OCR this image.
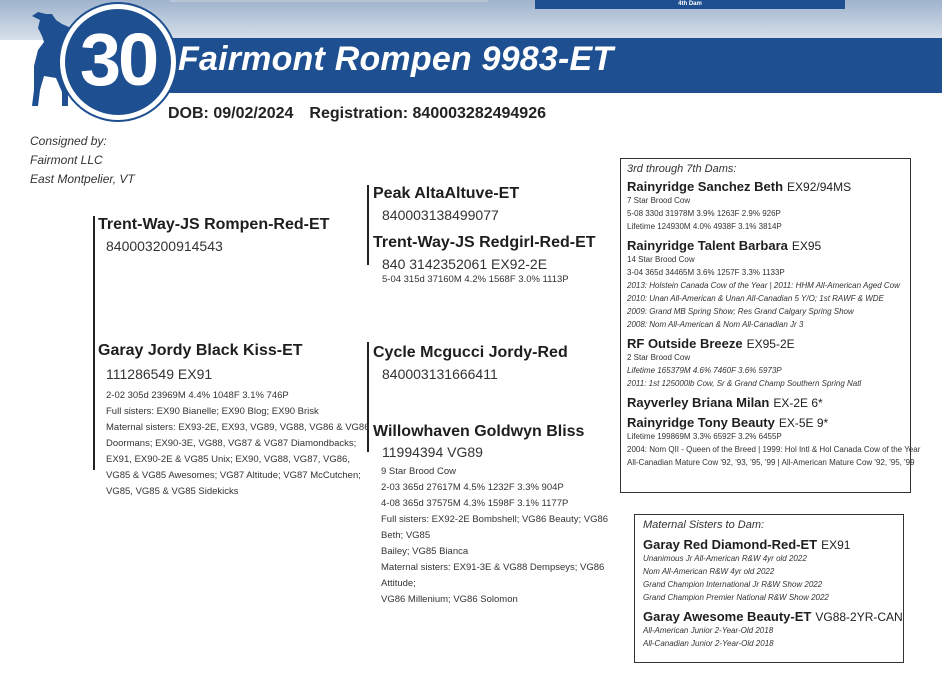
4th Dam
30 Fairmont Rompen 9983-ET
DOB: 09/02/2024 Registration: 840003282494926
Consigned by:
Fairmont LLC
East Montpelier, VT
Trent-Way-JS Rompen-Red-ET
840003200914543
Peak AltaAltuve-ET
840003138499077
Trent-Way-JS Redgirl-Red-ET
840 3142352061 EX92-2E
5-04 315d 37160M 4.2% 1568F 3.0% 1113P
Garay Jordy Black Kiss-ET
111286549 EX91
2-02 305d 23969M 4.4% 1048F 3.1% 746P
Full sisters: EX90 Bianelle; EX90 Blog; EX90 Brisk
Maternal sisters: EX93-2E, EX93, VG89, VG88, VG86 & VG86
Doormans; EX90-3E, VG88, VG87 & VG87 Diamondbacks;
EX91, EX90-2E & VG85 Unix; EX90, VG88, VG87, VG86,
VG85 & VG85 Awesomes; VG87 Altitude; VG87 McCutchen;
VG85, VG85 & VG85 Sidekicks
Cycle Mcgucci Jordy-Red
840003131666411
Willowhaven Goldwyn Bliss
11994394 VG89
9 Star Brood Cow
2-03 365d 27617M 4.5% 1232F 3.3% 904P
4-08 365d 37575M 4.3% 1598F 3.1% 1177P
Full sisters: EX92-2E Bombshell; VG86 Beauty; VG86 Beth; VG85
Bailey; VG85 Bianca
Maternal sisters: EX91-3E & VG88 Dempseys; VG86 Attitude;
VG86 Millenium; VG86 Solomon
3rd through 7th Dams:
Rainyridge Sanchez Beth EX92/94MS
7 Star Brood Cow
5-08 330d 31978M 3.9% 1263F 2.9% 926P
Lifetime 124930M 4.0% 4938F 3.1% 3814P
Rainyridge Talent Barbara EX95
14 Star Brood Cow
3-04 365d 34465M 3.6% 1257F 3.3% 1133P
2013: Holstein Canada Cow of the Year | 2011: HHM All-American Aged Cow
2010: Unan All-American & Unan All-Canadian 5 Y/O; 1st RAWF & WDE
2009: Grand MB Spring Show; Res Grand Calgary Spring Show
2008: Nom All-American & Nom All-Canadian Jr 3
RF Outside Breeze EX95-2E
2 Star Brood Cow
Lifetime 165379M 4.6% 7460F 3.6% 5973P
2011: 1st 125000lb Cow, Sr & Grand Champ Southern Spring Natl
Rayverley Briana Milan EX-2E 6*
Rainyridge Tony Beauty EX-5E 9*
Lifetime 199869M 3.3% 6592F 3.2% 6455P
2004: Nom QII - Queen of the Breed | 1999: Hol Intl & Hol Canada Cow of the Year
All-Canadian Mature Cow '92, '93, '95, '99 | All-American Mature Cow '92, '95, '99
Maternal Sisters to Dam:
Garay Red Diamond-Red-ET EX91
Unanimous Jr All-American R&W 4yr old 2022
Nom All-American R&W 4yr old 2022
Grand Champion International Jr R&W Show 2022
Grand Champion Premier National R&W Show 2022
Garay Awesome Beauty-ET VG88-2YR-CAN
All-American Junior 2-Year-Old 2018
All-Canadian Junior 2-Year-Old 2018
